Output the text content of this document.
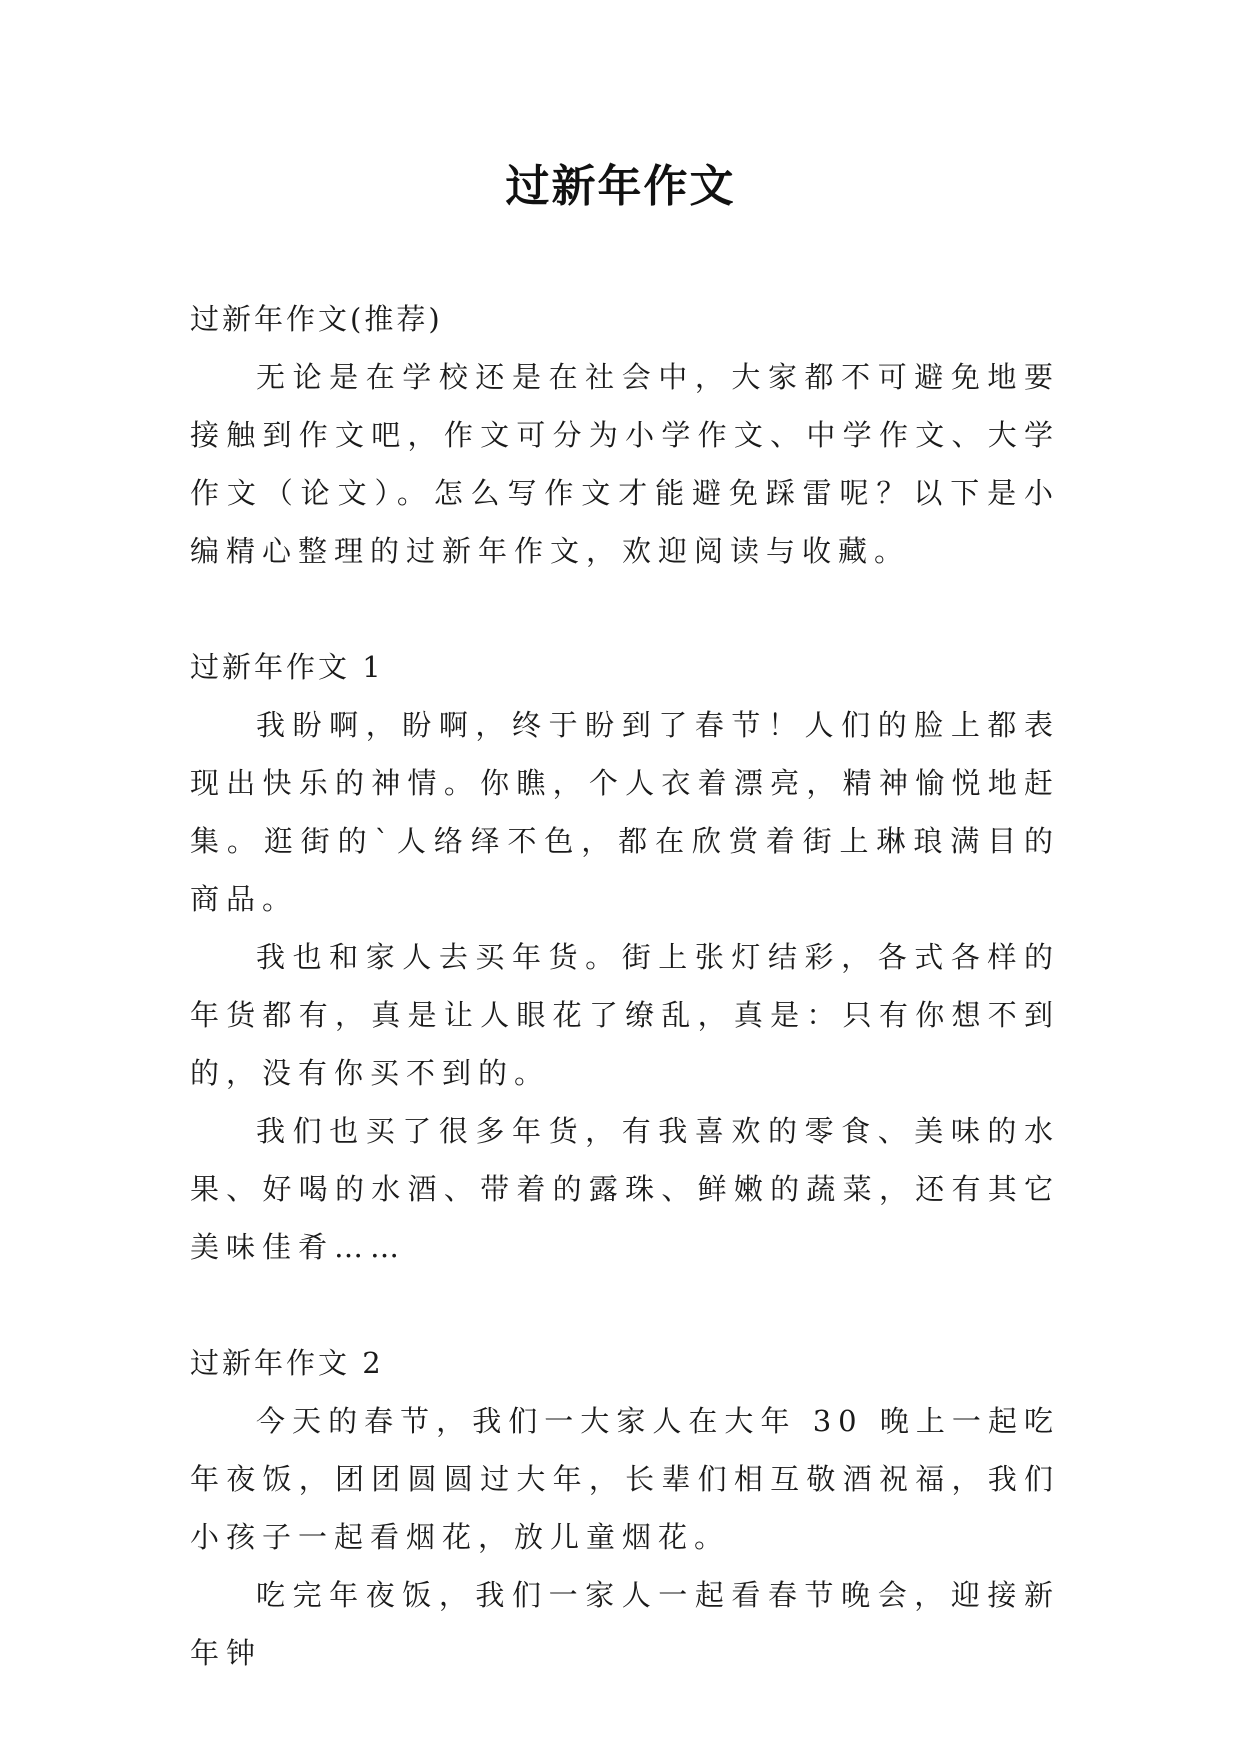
过新年作文

过新年作文(推荐)

无论是在学校还是在社会中，大家都不可避免地要接触到作文吧，作文可分为小学作文、中学作文、大学作文（论文）。怎么写作文才能避免踩雷呢？以下是小编精心整理的过新年作文，欢迎阅读与收藏。

过新年作文 1

我盼啊，盼啊，终于盼到了春节！人们的脸上都表现出快乐的神情。你瞧，个人衣着漂亮，精神愉悦地赶集。逛街的`人络绎不色，都在欣赏着街上琳琅满目的商品。

我也和家人去买年货。街上张灯结彩，各式各样的年货都有，真是让人眼花了缭乱，真是：只有你想不到的，没有你买不到的。

我们也买了很多年货，有我喜欢的零食、美味的水果、好喝的水酒、带着的露珠、鲜嫩的蔬菜，还有其它美味佳肴……

过新年作文 2

今天的春节，我们一大家人在大年 30 晚上一起吃年夜饭，团团圆圆过大年，长辈们相互敬酒祝福，我们小孩子一起看烟花，放儿童烟花。

吃完年夜饭，我们一家人一起看春节晚会，迎接新年钟
